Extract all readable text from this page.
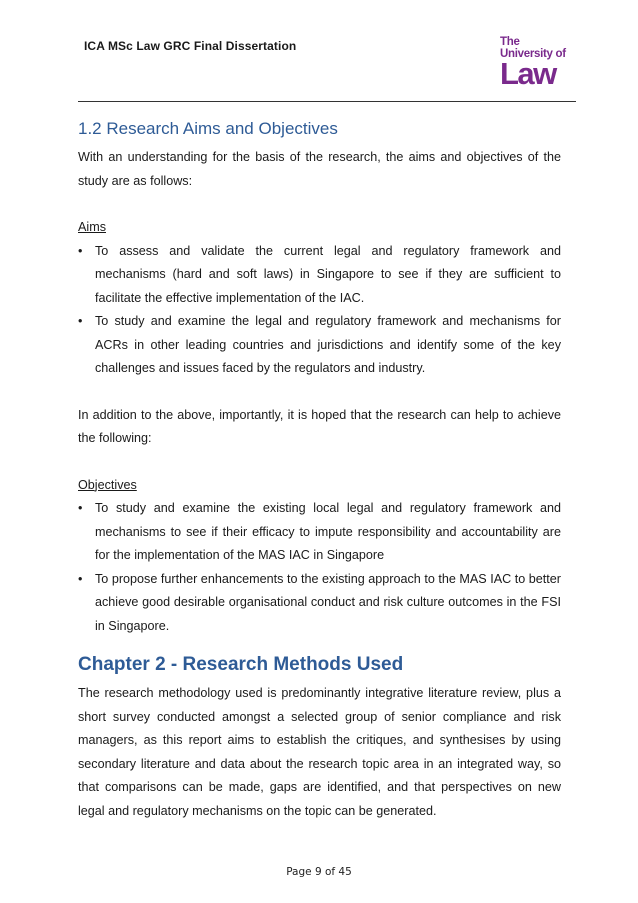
ICA MSc Law GRC Final Dissertation	The
University of
Law
1.2 Research Aims and Objectives

With an understanding for the basis of the research, the aims and objectives of the study are as follows:

Aims

• To assess and validate the current legal and regulatory framework and mechanisms (hard and soft laws) in Singapore to see if they are sufficient to facilitate the effective implementation of the IAC.
• To study and examine the legal and regulatory framework and mechanisms for ACRs in other leading countries and jurisdictions and identify some of the key challenges and issues faced by the regulators and industry.

In addition to the above, importantly, it is hoped that the research can help to achieve the following:

Objectives

• To study and examine the existing local legal and regulatory framework and mechanisms to see if their efficacy to impute responsibility and accountability are for the implementation of the MAS IAC in Singapore
• To propose further enhancements to the existing approach to the MAS IAC to better achieve good desirable organisational conduct and risk culture outcomes in the FSI in Singapore.
Chapter 2 - Research Methods Used

The research methodology used is predominantly integrative literature review, plus a short survey conducted amongst a selected group of senior compliance and risk managers, as this report aims to establish the critiques, and synthesises by using secondary literature and data about the research topic area in an integrated way, so that comparisons can be made, gaps are identified, and that perspectives on new legal and regulatory mechanisms on the topic can be generated.

Page 9 of 45
